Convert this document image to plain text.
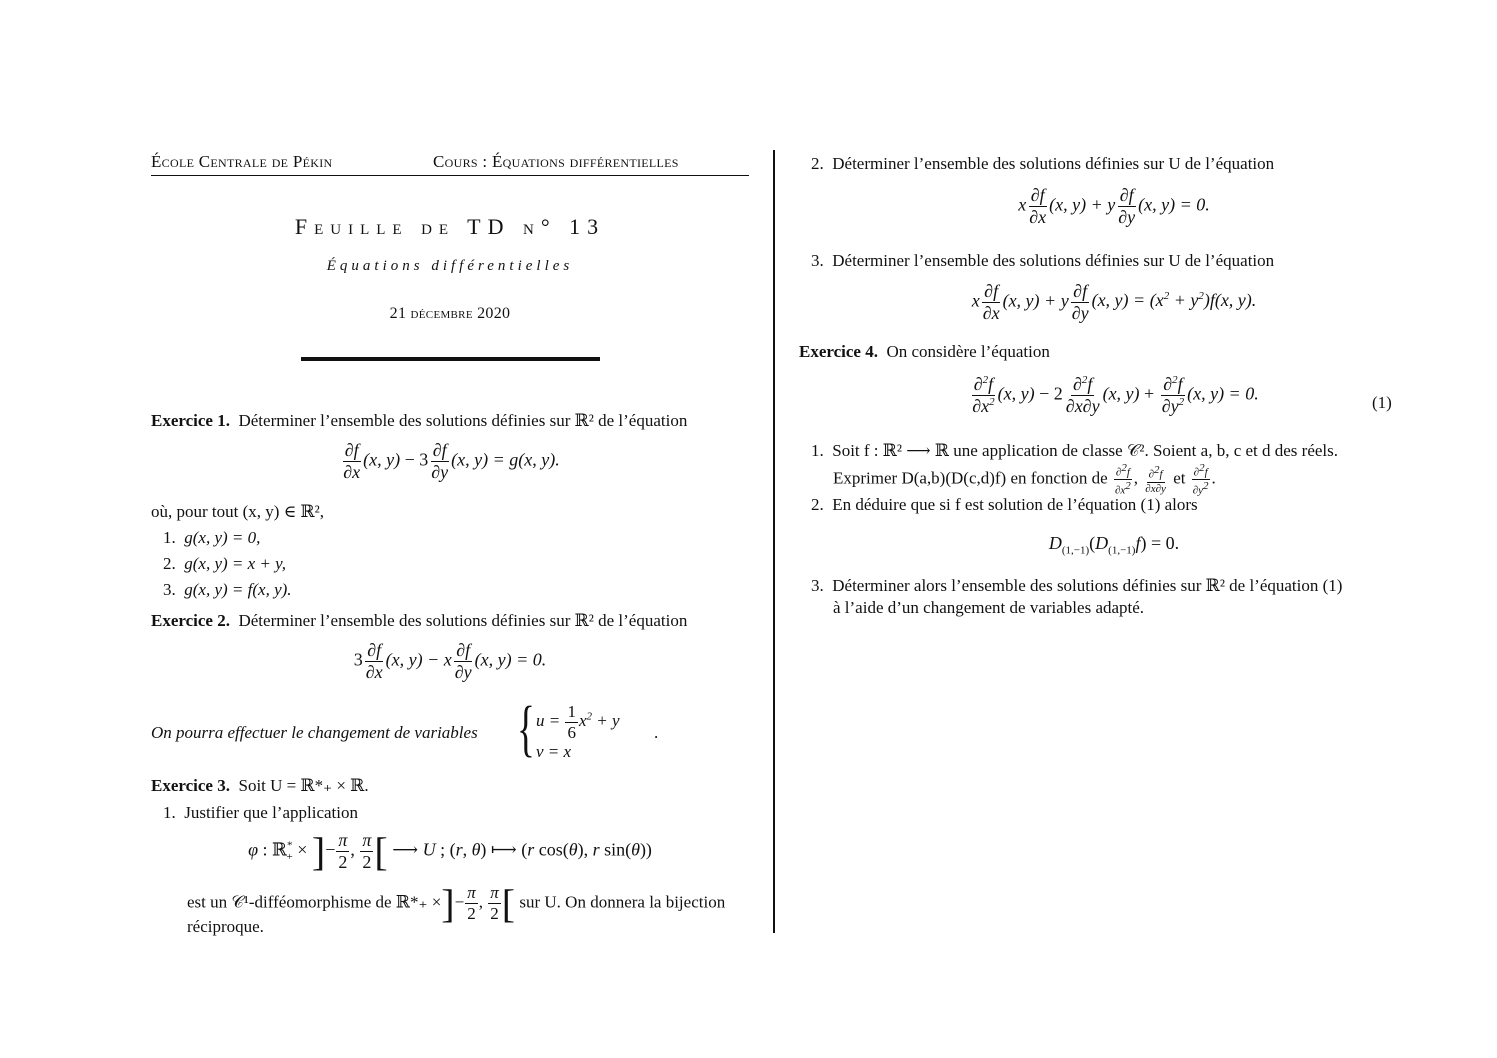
École Centrale de Pékin	Cours : Équations différentielles
Feuille de TD n° 13
Équations différentielles
21 décembre 2020
Exercice 1. Déterminer l’ensemble des solutions définies sur ℝ² de l’équation
$\frac{\partial f}{\partial x} (x$, $y) - 3 \frac{\partial f}{\partial y} (x$, y) = g(x, y).
où, pour tout (x, y) ∈ ℝ²,
1.  g(x, y) = 0,
2.  g(x, y) = x + y,
3.  g(x, y) = f(x, y).
Exercice 2. Déterminer l’ensemble des solutions définies sur ℝ² de l’équation
$3 \frac{\partial f}{\partial x} (x$, y) − x $\frac{\partial f}{\partial y} (x$, y) = 0.
On pourra effectuer le changement de variables { $u = \frac{1}{6} x^2 + y$
v = x
.
Exercice 3. Soit U = ℝ*₊ × ℝ.
1.  Justifier que l’application
φ : ℝ*$_+$ × ]− $\frac{\pi}{2}$ , $\frac{\pi}{2}$ [ ⟶ U ; (r, θ) ⟼ (r cos(θ), r sin(θ))
est un 𝒞¹-difféomorphisme de ℝ*₊ ×]− $\frac{\pi}{2}$ , $\frac{\pi}{2}$ [ sur U. On donnera la bijection
réciproque.
2.  Déterminer l’ensemble des solutions définies sur U de l’équation
x $\frac{\partial f}{\partial x} (x$, y) + y $\frac{\partial f}{\partial y} (x$, y) = 0.
3.  Déterminer l’ensemble des solutions définies sur U de l’équation
x $\frac{\partial f}{\partial x} (x$, y) + y $\frac{\partial f}{\partial y} (x$, $y) = (x^2 + y^2)f(x$, y).
Exercice 4. On considère l’équation
$\frac{\partial^2f}{\partial x^2} (x$, $y) - 2 \frac{\partial^2f}{\partial x\partial y} (x$, $y) + \frac{\partial^2f}{\partial y^2} (x$, y) = 0.	(1)
1.  Soit f : ℝ² ⟶ ℝ une application de classe 𝒞². Soient a, b, c et d des réels.
Exprimer D(a,b)(D(c,d)f) en fonction de $\frac{\partial^2f}{\partial x^2}$ , $\frac{\partial^2f}{\partial x\partial y}$ et $\frac{\partial^2f}{\partial y^2}$ .
2.  En déduire que si f est solution de l’équation (1) alors
$D_{(1,-1)}(D_{(1,-1)}f) = 0$.
3.  Déterminer alors l’ensemble des solutions définies sur ℝ² de l’équation (1)
à l’aide d’un changement de variables adapté.
